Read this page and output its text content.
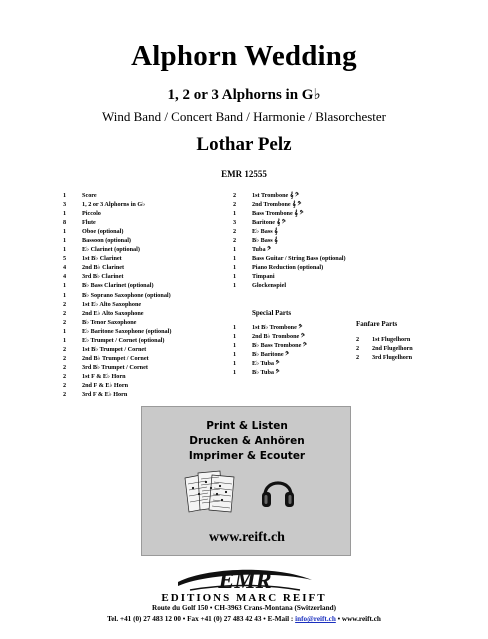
Alphorn Wedding
1, 2 or 3 Alphorns in G♭
Wind Band / Concert Band / Harmonie / Blasorchester
Lothar Pelz
EMR 12555
1	Score
3	1, 2 or 3 Alphorns in G♭
1	Piccolo
8	Flute
1	Oboe (optional)
1	Bassoon (optional)
1	E♭ Clarinet (optional)
5	1st B♭ Clarinet
4	2nd B♭ Clarinet
4	3rd B♭ Clarinet
1	B♭ Bass Clarinet (optional)
1	B♭ Soprano Saxophone (optional)
2	1st E♭ Alto Saxophone
2	2nd E♭ Alto Saxophone
2	B♭ Tenor Saxophone
1	E♭ Baritone Saxophone (optional)
1	E♭ Trumpet / Cornet (optional)
2	1st B♭ Trumpet / Cornet
2	2nd B♭ Trumpet / Cornet
2	3rd B♭ Trumpet / Cornet
2	1st F & E♭ Horn
2	2nd F & E♭ Horn
2	3rd F & E♭ Horn
2	1st Trombone 𝄞 𝄢
2	2nd Trombone 𝄞 𝄢
1	Bass Trombone 𝄞 𝄢
3	Baritone 𝄞 𝄢
2	E♭ Bass 𝄞
2	B♭ Bass 𝄞
1	Tuba 𝄢
1	Bass Guitar / String Bass (optional)
1	Piano Reduction (optional)
1	Timpani
1	Glockenspiel
Special Parts
1	1st B♭ Trombone 𝄢
1	2nd B♭ Trombone 𝄢
1	B♭ Bass Trombone 𝄢
1	B♭ Baritone 𝄢
1	E♭ Tuba 𝄢
1	B♭ Tuba 𝄢
Fanfare Parts
2	1st Flugelhorn
2	2nd Flugelhorn
2	3rd Flugelhorn
Print & Listen
Drucken & Anhören
Imprimer & Ecouter
www.reift.ch
EMR
EDITIONS MARC REIFT
Route du Golf 150 • CH-3963 Crans-Montana (Switzerland)
Tel. +41 (0) 27 483 12 00 • Fax +41 (0) 27 483 42 43 • E-Mail : info@reift.ch • www.reift.ch
